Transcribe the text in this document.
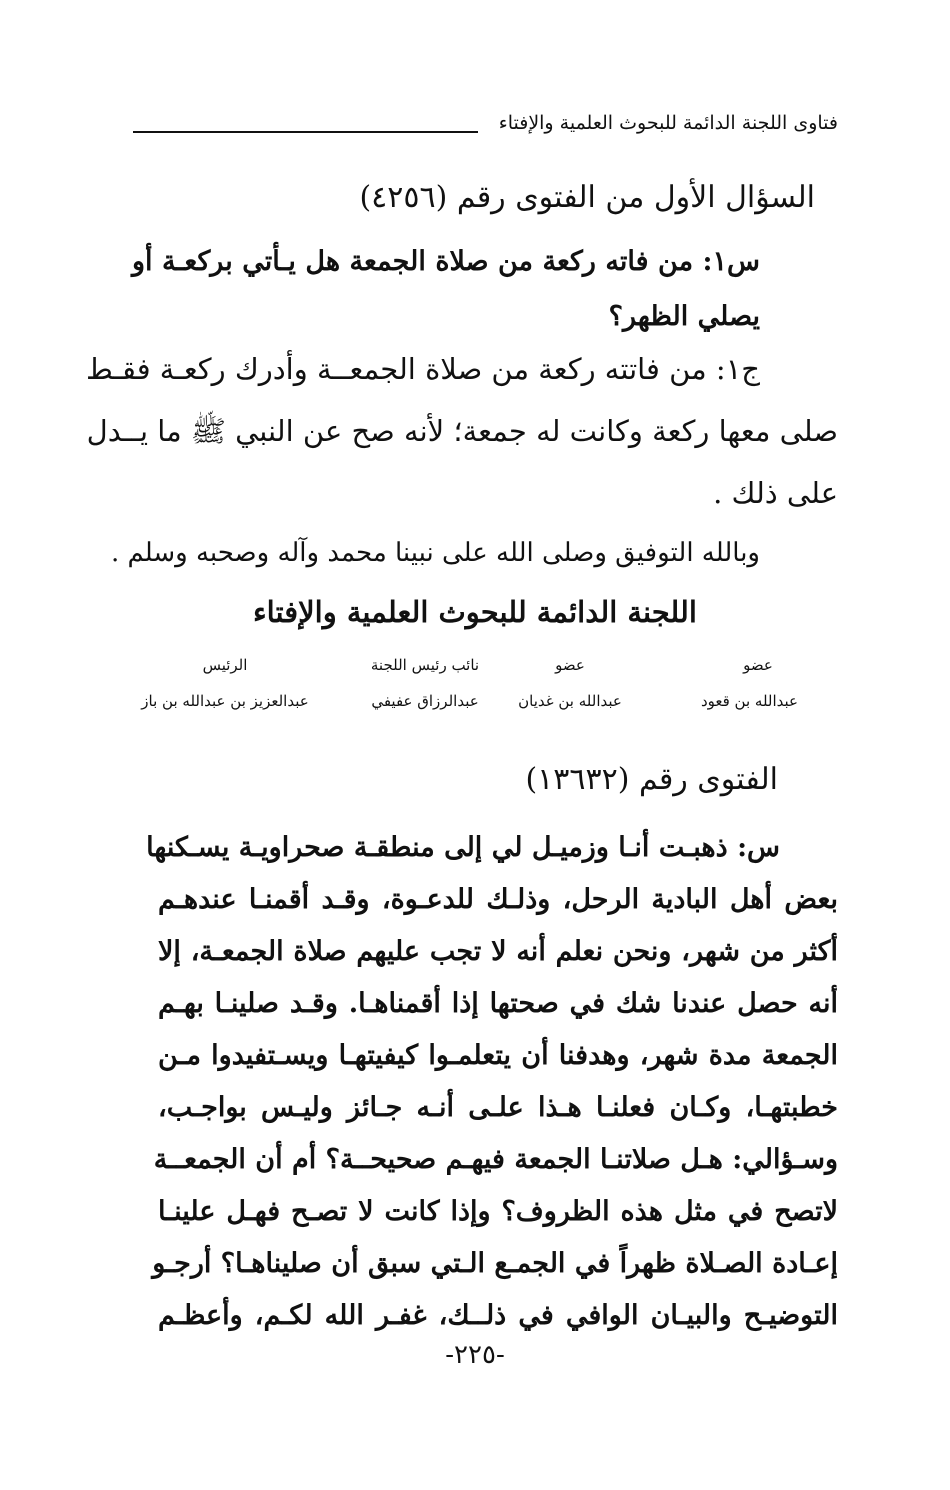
فتاوى اللجنة الدائمة للبحوث العلمية والإفتاء
السؤال الأول من الفتوى رقم (٤٢٥٦)
س١: من فاته ركعة من صلاة الجمعة هل يـأتي بركعـة أو
يصلي الظهر؟
ج١: من فاتته ركعة من صلاة الجمعــة وأدرك ركعـة فقـط
صلى معها ركعة وكانت له جمعة؛ لأنه صح عن النبي ﷺ ما يــدل
على ذلك .
وبالله التوفيق وصلى الله على نبينا محمد وآله وصحبه وسلم .
اللجنة الدائمة للبحوث العلمية والإفتاء
عضو
عبدالله بن قعود
عضو
عبدالله بن غديان
نائب رئيس اللجنة
عبدالرزاق عفيفي
الرئيس
عبدالعزيز بن عبدالله بن باز
الفتوى رقم (١٣٦٣٢)
س: ذهبـت أنـا وزميـل لي إلى منطقـة صحراويـة يسـكنها
بعض أهل البادية الرحل، وذلـك للدعـوة، وقـد أقمنـا عندهـم
أكثر من شهر، ونحن نعلم أنه لا تجب عليهم صلاة الجمعـة، إلا
أنه حصل عندنا شك في صحتها إذا أقمناهـا. وقـد صلينـا بهـم
الجمعة مدة شهر، وهدفنا أن يتعلمـوا كيفيتهـا ويسـتفيدوا مـن
خطبتهـا، وكـان فعلنـا هـذا علـى أنـه جـائز وليـس بواجـب،
وسـؤالي: هـل صلاتنـا الجمعة فيهـم صحيحــة؟ أم أن الجمعــة
لاتصح في مثل هذه الظروف؟ وإذا كانت لا تصـح فهـل علينـا
إعـادة الصـلاة ظهراً في الجمـع الـتي سبق أن صليناهـا؟ أرجـو
التوضيـح والبيـان الوافي في ذلــك، غفـر الله لكـم، وأعظـم
-٢٢٥-
